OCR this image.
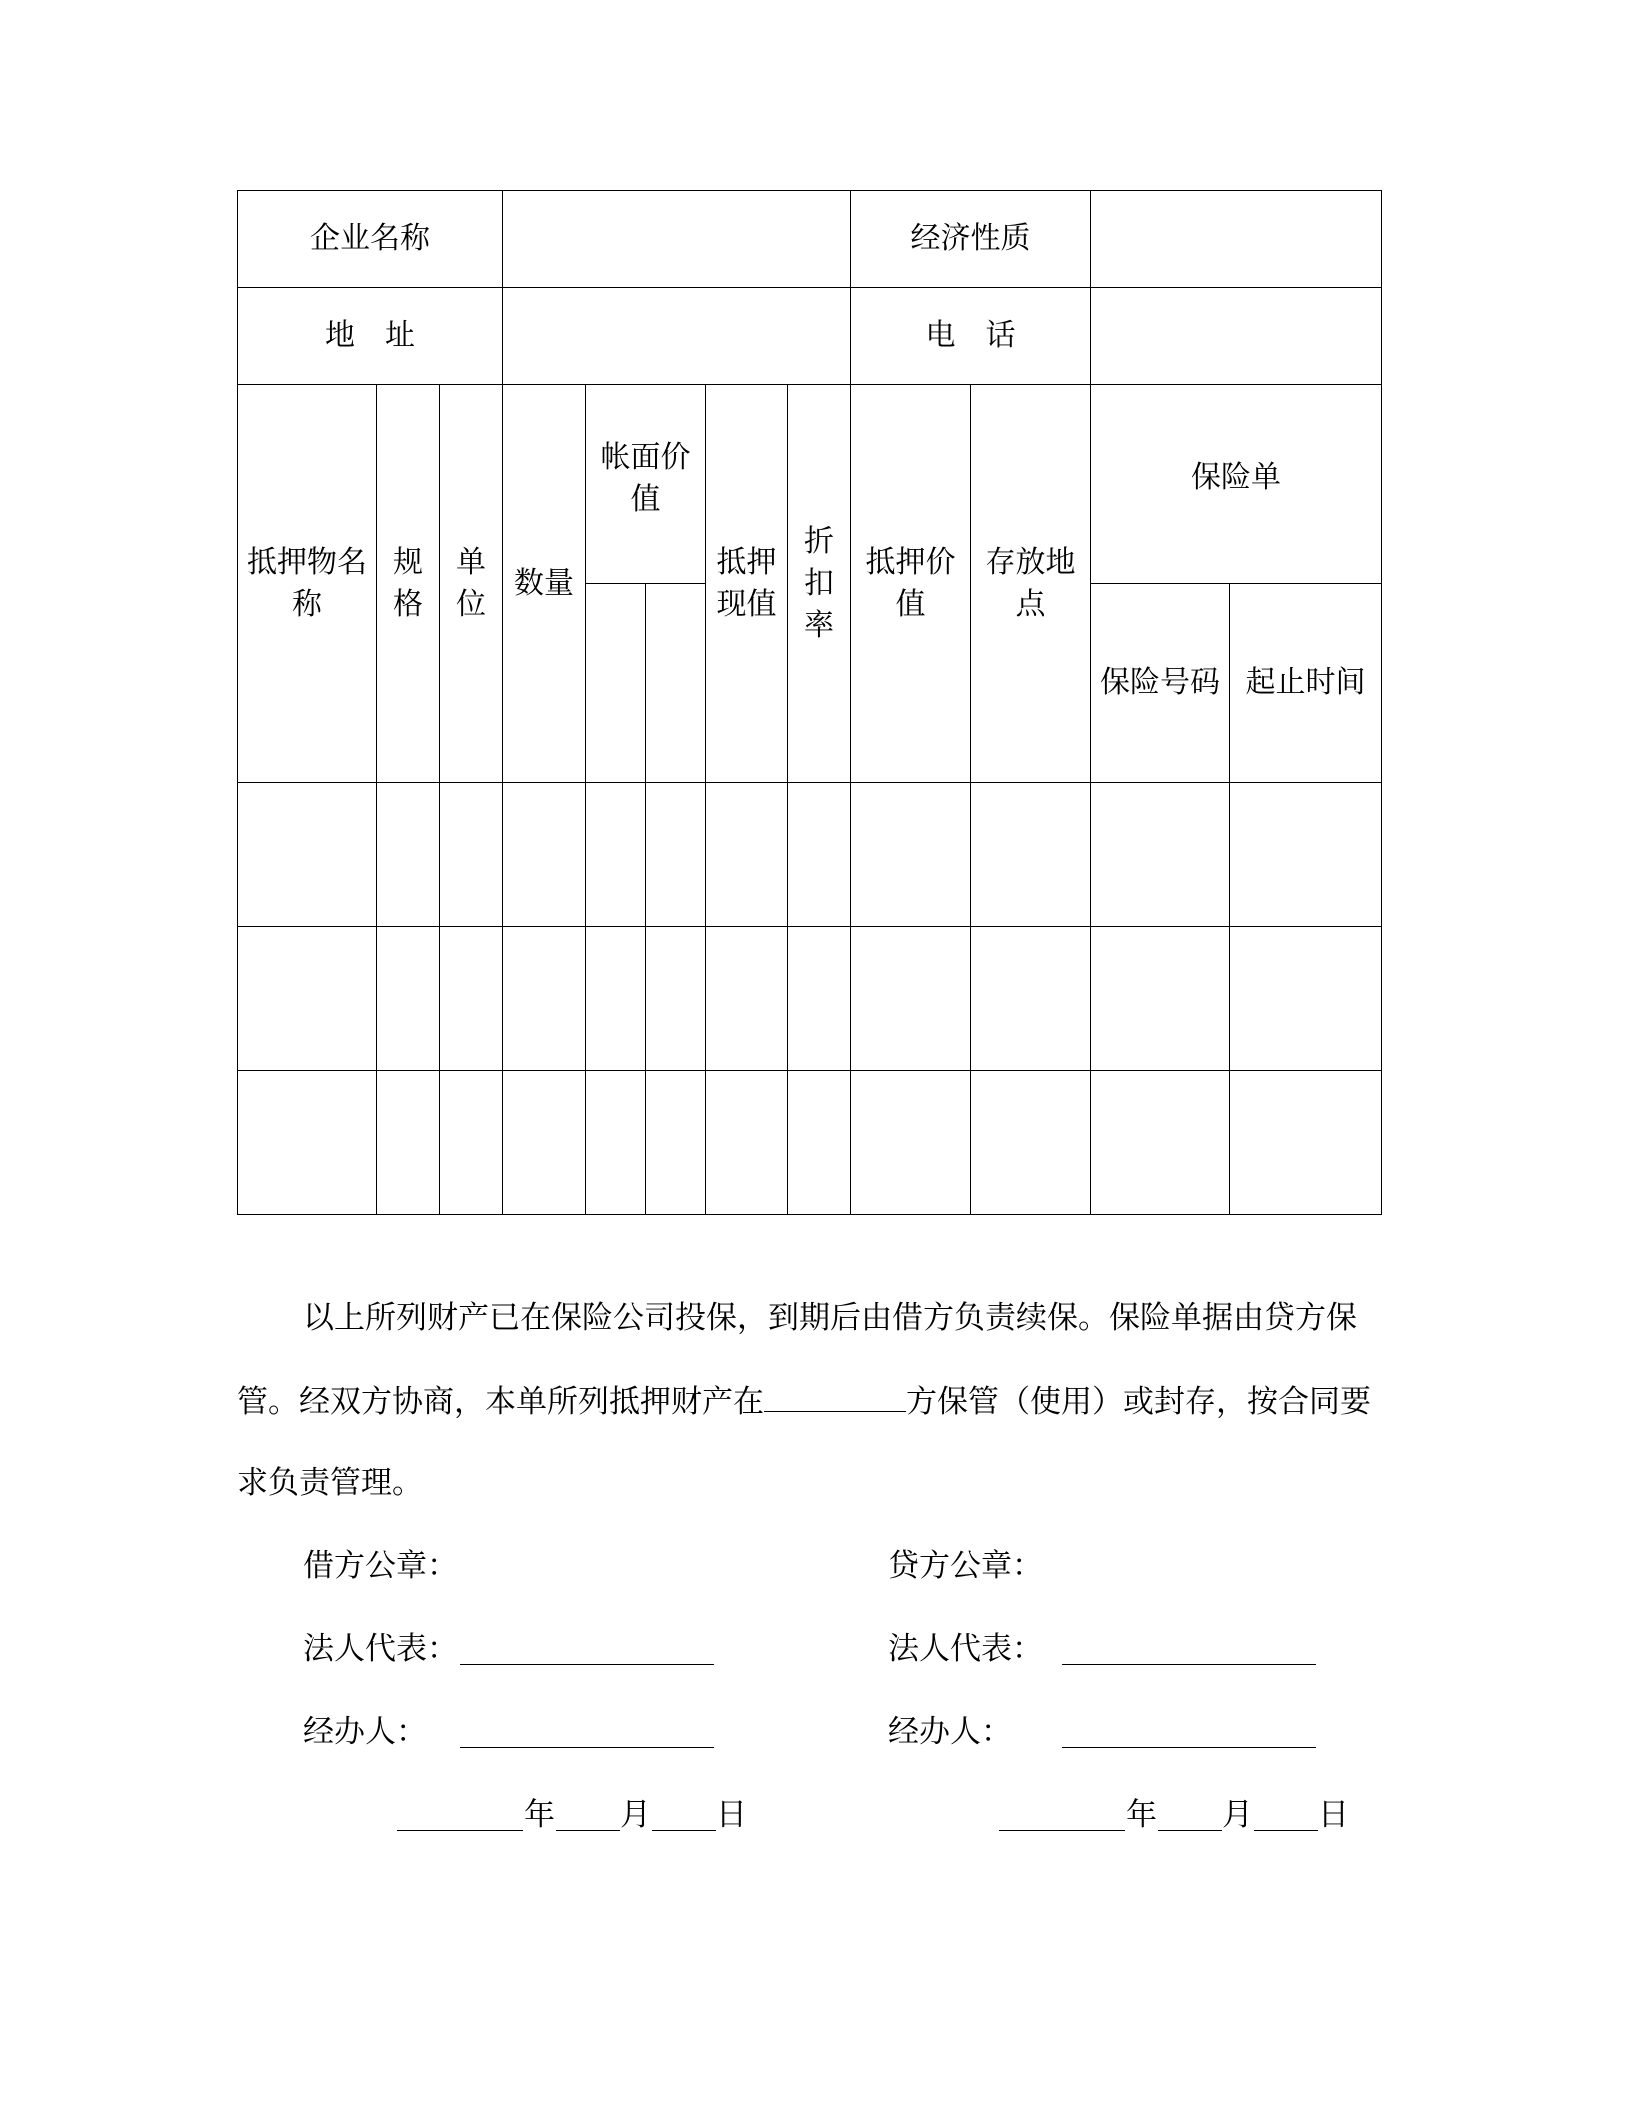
企业名称								经济性质			
地　址								电　话			
抵押物名称	规格	单位	数量	帐面价值		抵押现值	折扣率	抵押价值	存放地点	保险单	
										保险号码	起止时间

以上所列财产已在保险公司投保，到期后由借方负责续保。保险单据由贷方保
管。经双方协商，本单所列抵押财产在	方保管（使用）或封存，按合同要
求负责管理。
借方公章：
法人代表：
经办人：
年 月 日
贷方公章：
法人代表：
经办人：
年 月 日
